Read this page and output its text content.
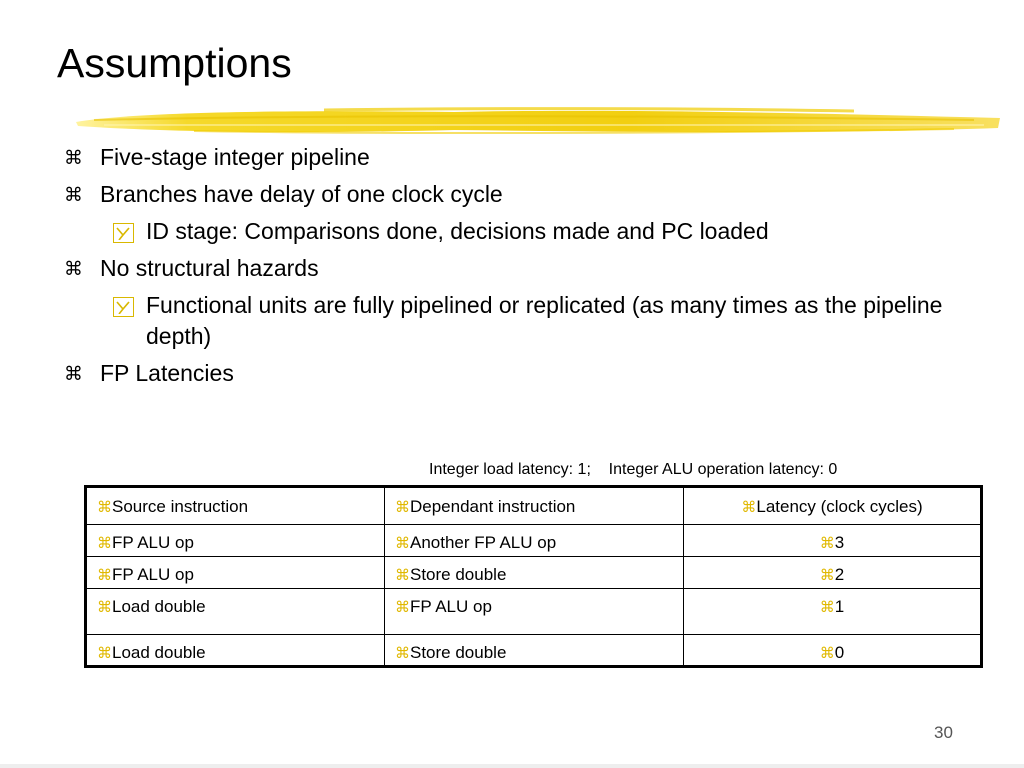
Assumptions
⌘ Five-stage integer pipeline
⌘ Branches have delay of one clock cycle
ID stage: Comparisons done, decisions made and PC loaded
⌘ No structural hazards
Functional units are fully pipelined or replicated (as many times as the pipeline depth)
⌘ FP Latencies
Integer load latency: 1;    Integer ALU operation latency: 0
⌘Source instruction	⌘Dependant instruction	⌘Latency (clock cycles)
⌘FP ALU op	⌘Another FP ALU op	⌘3
⌘FP ALU op	⌘Store double	⌘2
⌘Load double	⌘FP ALU op	⌘1
⌘Load double	⌘Store double	⌘0
30
